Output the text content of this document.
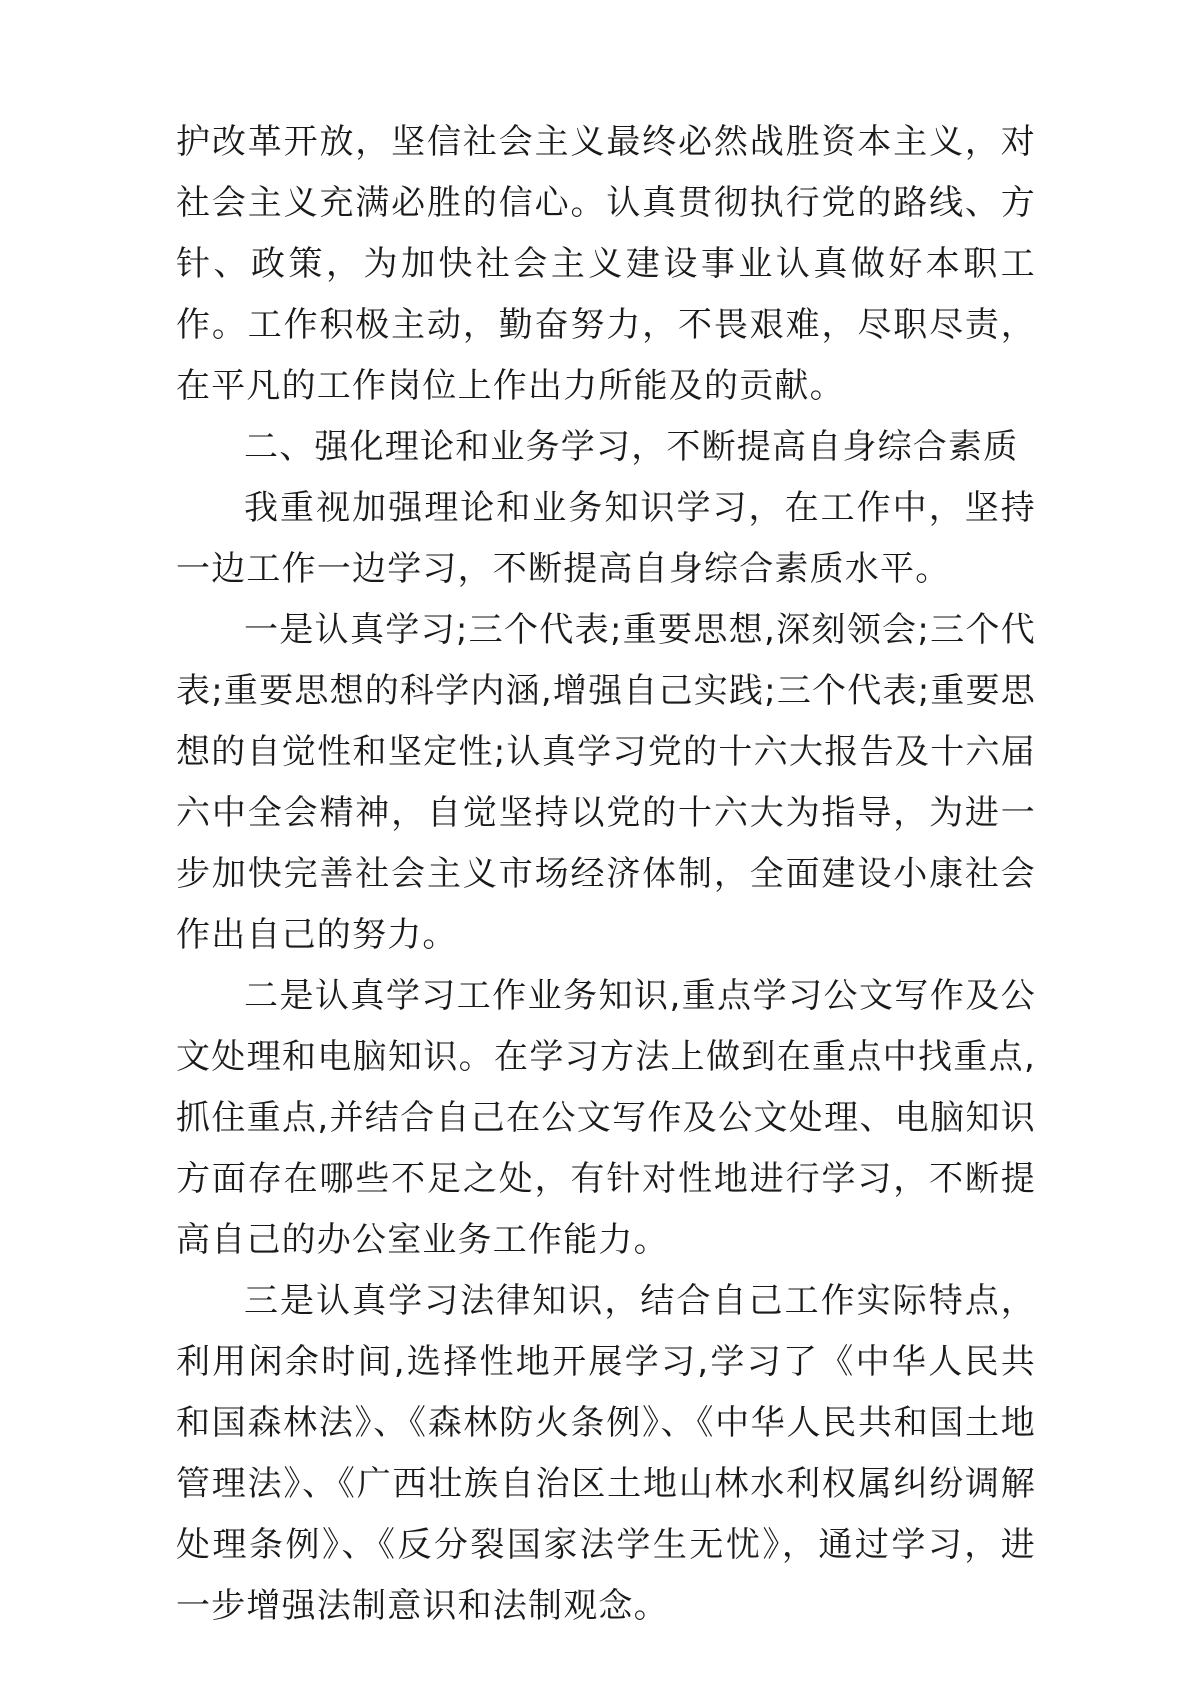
护改革开放，坚信社会主义最终必然战胜资本主义，对社会主义充满必胜的信心。认真贯彻执行党的路线、方针、政策，为加快社会主义建设事业认真做好本职工作。工作积极主动，勤奋努力，不畏艰难，尽职尽责，在平凡的工作岗位上作出力所能及的贡献。

二、强化理论和业务学习，不断提高自身综合素质

我重视加强理论和业务知识学习，在工作中，坚持一边工作一边学习，不断提高自身综合素质水平。

一是认真学习;三个代表;重要思想,深刻领会;三个代表;重要思想的科学内涵,增强自己实践;三个代表;重要思想的自觉性和坚定性;认真学习党的十六大报告及十六届六中全会精神，自觉坚持以党的十六大为指导，为进一步加快完善社会主义市场经济体制，全面建设小康社会作出自己的努力。

二是认真学习工作业务知识,重点学习公文写作及公文处理和电脑知识。在学习方法上做到在重点中找重点,抓住重点,并结合自己在公文写作及公文处理、电脑知识方面存在哪些不足之处，有针对性地进行学习，不断提高自己的办公室业务工作能力。

三是认真学习法律知识，结合自己工作实际特点，利用闲余时间,选择性地开展学习,学习了《中华人民共和国森林法》、《森林防火条例》、《中华人民共和国土地管理法》、《广西壮族自治区土地山林水利权属纠纷调解处理条例》、《反分裂国家法学生无忧》，通过学习，进一步增强法制意识和法制观念。
